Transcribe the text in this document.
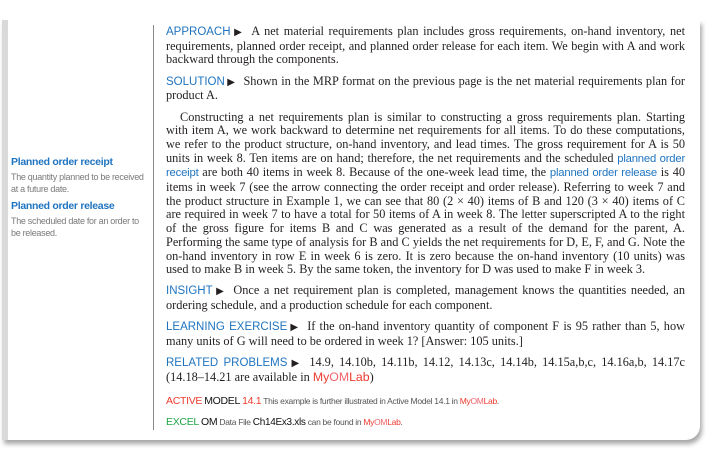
Planned order receipt
The quantity planned to be received at a future date.
Planned order release
The scheduled date for an order to be released.

APPROACH ▶ A net material requirements plan includes gross requirements, on-hand inventory, net requirements, planned order receipt, and planned order release for each item. We begin with A and work backward through the components.

SOLUTION ▶ Shown in the MRP format on the previous page is the net material requirements plan for product A.

Constructing a net requirements plan is similar to constructing a gross requirements plan. Starting with item A, we work backward to determine net requirements for all items. To do these computations, we refer to the product structure, on-hand inventory, and lead times. The gross requirement for A is 50 units in week 8. Ten items are on hand; therefore, the net requirements and the scheduled planned order receipt are both 40 items in week 8. Because of the one-week lead time, the planned order release is 40 items in week 7 (see the arrow connecting the order receipt and order release). Referring to week 7 and the product structure in Example 1, we can see that 80 (2 × 40) items of B and 120 (3 × 40) items of C are required in week 7 to have a total for 50 items of A in week 8. The letter superscripted A to the right of the gross figure for items B and C was generated as a result of the demand for the parent, A. Performing the same type of analysis for B and C yields the net requirements for D, E, F, and G. Note the on-hand inventory in row E in week 6 is zero. It is zero because the on-hand inventory (10 units) was used to make B in week 5. By the same token, the inventory for D was used to make F in week 3.

INSIGHT ▶ Once a net requirement plan is completed, management knows the quantities needed, an ordering schedule, and a production schedule for each component.

LEARNING EXERCISE ▶ If the on-hand inventory quantity of component F is 95 rather than 5, how many units of G will need to be ordered in week 1? [Answer: 105 units.]

RELATED PROBLEMS ▶ 14.9, 14.10b, 14.11b, 14.12, 14.13c, 14.14b, 14.15a,b,c, 14.16a,b, 14.17c (14.18–14.21 are available in MyOMLab)

ACTIVE MODEL 14.1 This example is further illustrated in Active Model 14.1 in MyOMLab.

EXCEL OM Data File Ch14Ex3.xls can be found in MyOMLab.
